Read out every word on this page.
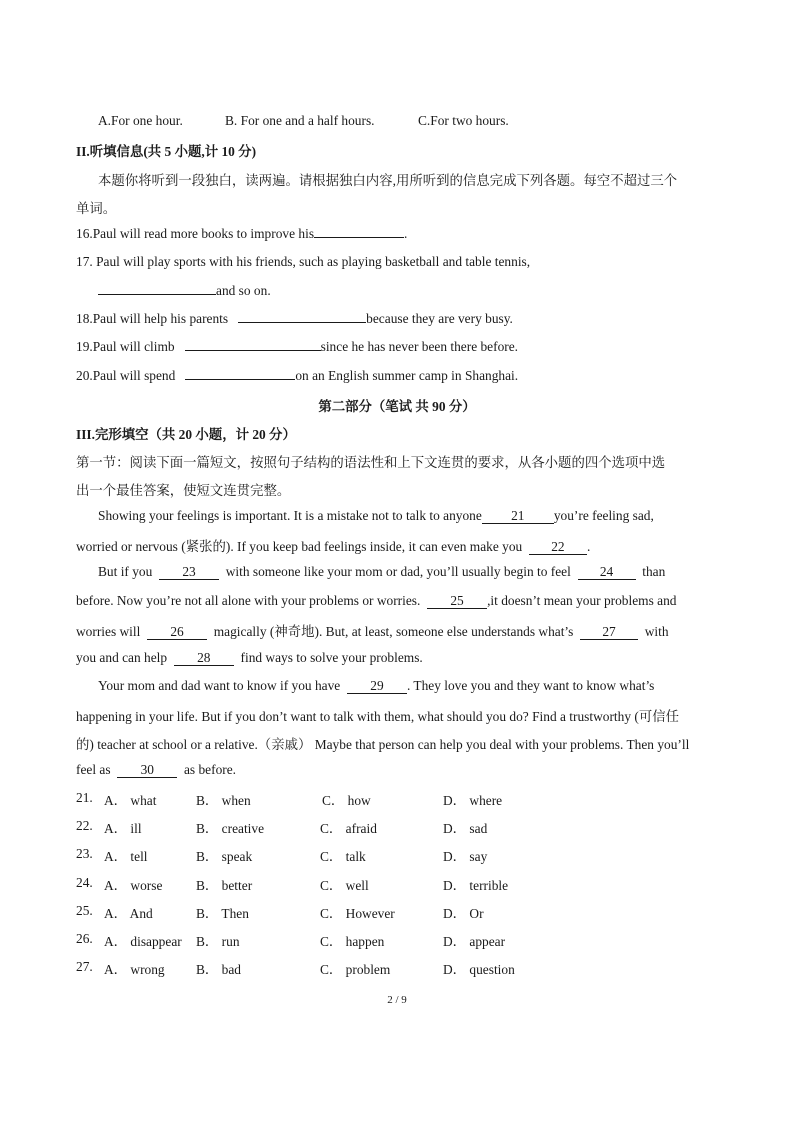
A.For one hour.	B. For one and a half hours.	C.For two hours.
II.听填信息(共 5 小题,计 10 分)
本题你将听到一段独白，读两遍。请根据独白内容,用所听到的信息完成下列各题。每空不超过三个
单词。
16.Paul will read more books to improve his	.
17. Paul will play sports with his friends, such as playing basketball and table tennis,
and so on.
18.Paul will help his parents	because they are very busy.
19.Paul will climb	since he has never been there before.
20.Paul will spend	on an English summer camp in Shanghai.
第二部分（笔试 共 90 分）
III.完形填空（共 20 小题，计 20 分）
第一节：阅读下面一篇短文，按照句子结构的语法性和上下文连贯的要求，从各小题的四个选项中选
出一个最佳答案，使短文连贯完整。
Showing your feelings is important. It is a mistake not to talk to anyone 21 you’re feeling sad,
worried or nervous (紧张的). If you keep bad feelings inside, it can even make you 22 .
But if you 23 with someone like your mom or dad, you’ll usually begin to feel 24 than
before. Now you’re not all alone with your problems or worries. 25 ,it doesn’t mean your problems and
worries will 26 magically (神奇地). But, at least, someone else understands what’s 27 with
you and can help 28 find ways to solve your problems.
Your mom and dad want to know if you have 29 . They love you and they want to know what’s
happening in your life. But if you don’t want to talk with them, what should you do? Find a trustworthy (可信任
的) teacher at school or a relative.（亲戚） Maybe that person can help you deal with your problems. Then you’ll
feel as 30 as before.
21. A． what	B． when	C． how	D． where
22. A． ill	B． creative	C． afraid	D． sad
23. A． tell	B． speak	C． talk	D． say
24. A． worse	B． better	C． well	D． terrible
25. A． And	B． Then	C． However	D． Or
26. A． disappear B． run	C． happen	D． appear
27. A． wrong B． bad	C． problem	D． question
2 / 9
